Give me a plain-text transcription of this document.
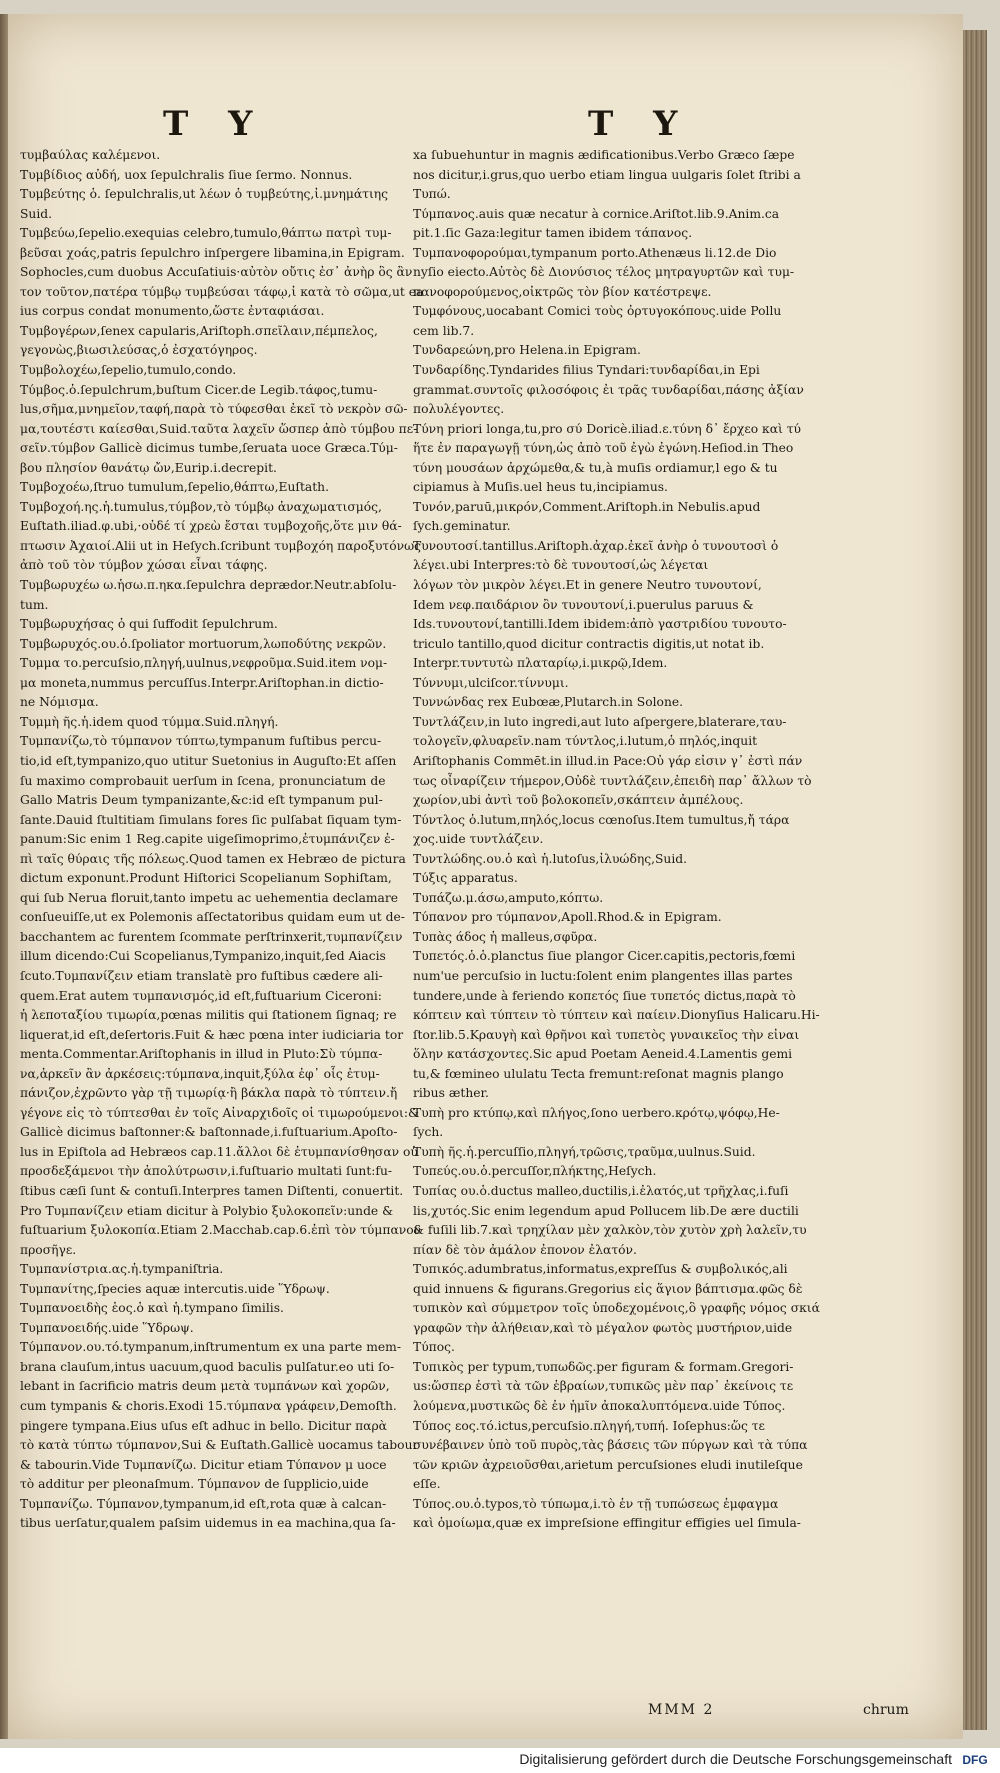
T Y	T Y
τυμβαύλας καλέμενοι.
Τυμβίδιος αὐδή, uox ſepulchralis ſiue ſermo. Nonnus.
Τυμβεύτης ὁ. ſepulchralis,ut λέων ὁ τυμβεύτης,ἰ.μνημάτιης
Suid.
Τυμβεύω,ſepelio.exequias celebro,tumulo,θάπτω πατρὶ τυμ-
βεῦσαι χοάς,patris ſepulchro inſpergere libamina,in Epigram.
Sophocles,cum duobus Accuſatiuis·αὐτὸν οὔτις ἐσ᾽ ἀνὴρ ὃς ἂν
τον τοῦτον,πατέρα τύμβῳ τυμβεύσαι τάφῳ,ἰ κατὰ τὸ σῶμα,ut ea
ius corpus condat monumento,ὥστε ἐνταφιάσαι.
Τυμβογέρων,ſenex capularis,Ariſtoph.σπεῖλαιν,πέμπελος,
γεγονὼς,βιωσιλεύσας,ὁ ἐσχατόγηρος.
Τυμβολοχέω,ſepelio,tumulo,condo.
Τύμβος.ὁ.ſepulchrum,buſtum Cicer.de Legib.τάφος,tumu-
lus,σῆμα,μνημεῖον,ταφή,παρὰ τὸ τύφεσθαι ἐκεῖ τὸ νεκρὸν σῶ-
μα,τουτέστι καίεσθαι,Suid.ταῦτα λαχεῖν ὥσπερ ἀπὸ τύμβου πε-
σεῖν.τύμβον Gallicè dicimus tumbe,ſeruata uoce Græca.Τύμ-
βου πλησίον θανάτῳ ὤν,Eurip.i.decrepit.
Τυμβοχοέω,ſtruo tumulum,ſepelio,θάπτω,Euſtath.
Τυμβοχοή.ης.ἡ.tumulus,τύμβον,τὸ τύμβῳ ἀναχωματισμός,
Euſtath.iliad.φ.ubi,·οὐδέ τί χρεὼ ἔσται τυμβοχοῆς,ὅτε μιν θά-
πτωσιν Ἀχαιοί.Alii ut in Heſych.ſcribunt τυμβοχόη παροξυτόνως
ἀπὸ τοῦ τὸν τύμβον χώσαι εἶναι τάφης.
Τυμβωρυχέω ω.ἡσω.π.ηκα.ſepulchra deprædor.Neutr.abſolu-
tum.
Τυμβωρυχήσας ὁ qui ſuffodit ſepulchrum.
Τυμβωρυχός.ου.ὁ.ſpoliator mortuorum,λωποδύτης νεκρῶν.
Τυμμα το.percuſsio,πληγή,uulnus,νεφροῦμα.Suid.item νομ-
μα moneta,nummus percuſſus.Interpr.Ariſtophan.in dictio-
ne Νόμισμα.
Τυμμὴ ῆς.ἡ.idem quod τύμμα.Suid.πληγή.
Τυμπανίζω,τὸ τύμπανον τύπτω,tympanum fuſtibus percu-
tio,id eſt,tympanizo,quo utitur Suetonius in Auguſto:Et aſſen
ſu maximo comprobauit uerſum in ſcena, pronunciatum de
Gallo Matris Deum tympanizante,&c:id eſt tympanum pul-
ſante.Dauid ſtultitiam ſimulans fores ſic pulſabat ſiquam tym-
panum:Sic enim 1 Reg.capite uigeſimoprimo,ἐτυμπάνιζεν ἐ-
πὶ ταῖς θύραις τῆς πόλεως.Quod tamen ex Hebræo de pictura
dictum exponunt.Produnt Hiſtorici Scopelianum Sophiſtam,
qui ſub Nerua floruit,tanto impetu ac uehementia declamare
conſueuiſſe,ut ex Polemonis aſſectatoribus quidam eum ut de-
bacchantem ac furentem ſcommate perſtrinxerit,τυμπανίζειν
illum dicendo:Cui Scopelianus,Tympanizo,inquit,ſed Aiacis
ſcuto.Τυμπανίζειν etiam translatè pro fuſtibus cædere ali-
quem.Erat autem τυμπανισμός,id eſt,fuſtuarium Ciceroni:
ἡ λεποταξίου τιμωρία,pœnas militis qui ſtationem ſignaq; re
liquerat,id eſt,deſertoris.Fuit & hæc pœna inter iudiciaria tor
menta.Commentar.Ariſtophanis in illud in Pluto:Σὺ τύμπα-
να,ἀρκεῖν ἂν ἀρκέσεις:τύμπανα,inquit,ξύλα ἐφ᾽ οἷς ἐτυμ-
πάνιζον,ἐχρῶντο γὰρ τῇ τιμωρίᾳ·ἢ βάκλα παρὰ τὸ τύπτειν.ἤ
γέγονε εἰς τὸ τύπτεσθαι ἐν τοῖς Αἰναρχιδοῖς οἱ τιμωρούμενοι:&
Gallicè dicimus baſtonner:& baſtonnade,i.fuſtuarium.Apoſto-
lus in Epiſtola ad Hebræos cap.11.ἄλλοι δὲ ἐτυμπανίσθησαν οὐ
προσδεξάμενοι τὴν ἀπολύτρωσιν,i.fuſtuario multati ſunt:fu-
ſtibus cæſi ſunt & contuſi.Interpres tamen Diſtenti, conuertit.
Pro Τυμπανίζειν etiam dicitur à Polybio ξυλοκοπεῖν:unde &
fuſtuarium ξυλοκοπία.Etiam 2.Macchab.cap.6.ἐπὶ τὸν τύμπανον
προσῆγε.
Τυμπανίστρια.ας.ἡ.tympaniſtria.
Τυμπανίτης,ſpecies aquæ intercutis.uide Ὕδρωψ.
Τυμπανοειδὴς ἑος.ὁ καὶ ἡ.tympano ſimilis.
Τυμπανοειδής.uide Ὕδρωψ.
Τύμπανον.ου.τό.tympanum,inſtrumentum ex una parte mem-
brana clauſum,intus uacuum,quod baculis pulſatur.eo uti ſo-
lebant in ſacrificio matris deum μετὰ τυμπάνων καὶ χορῶν,
cum tympanis & choris.Exodi 15.τύμπανα γράφειν,Demoſth.
pingere tympana.Eius uſus eſt adhuc in bello. Dicitur παρὰ
τὸ κατὰ τύπτω τύμπανον,Sui & Euſtath.Gallicè uocamus tabour
& tabourin.Vide Τυμπανίζω. Dicitur etiam Τύπανον μ uoce
τὸ additur per pleonaſmum. Τύμπανον de ſupplicio,uide
Τυμπανίζω. Τύμπανον,tympanum,id eſt,rota quæ à calcan-
tibus uerſatur,qualem paſsim uidemus in ea machina,qua ſa-
xa ſubuehuntur in magnis ædificationibus.Verbo Græco ſæpe
nos dicitur,i.grus,quo uerbo etiam lingua uulgaris ſolet ſtribi a
Τυπώ.
Τύμπανος.auis quæ necatur à cornice.Ariſtot.lib.9.Anim.ca
pit.1.ſic Gaza:legitur tamen ibidem τάπανος.
Τυμπανοφορούμαι,tympanum porto.Athenæus li.12.de Dio
nyſio eiecto.Αὐτὸς δὲ Διονύσιος τέλος μητραγυρτῶν καὶ τυμ-
πανοφορούμενος,οἰκτρῶς τὸν βίον κατέστρεψε.
Τυμφόνους,uocabant Comici τοὺς ὀρτυγοκόπους.uide Pollu
cem lib.7.
Τυνδαρεώνη,pro Helena.in Epigram.
Τυνδαρίδης.Tyndarides filius Tyndari:τυνδαρίδαι,in Epi
grammat.συντοῖς φιλοσόφοις ἐι τρᾶς τυνδαρίδαι,πάσης ἀξίαν
πολυλέγοντες.
Τύνη priori longa,tu,pro σύ Doricè.iliad.ε.τύνη δ᾽ ἔρχεο καὶ τύ
ἥτε ἐν παραγωγῇ τύνη,ὡς ἀπὸ τοῦ ἐγὼ ἐγώνη.Heſiod.in Theo
τύνη μουσάων ἀρχώμεθα,& tu,à muſis ordiamur,l ego & tu
cipiamus à Muſis.uel heus tu,incipiamus.
Τυνόν,paruū,μικρόν,Comment.Ariſtoph.in Nebulis.apud
ſych.geminatur.
Τυνουτοσί.tantillus.Ariſtoph.ἀχαρ.ἐκεῖ ἀνὴρ ὁ τυνουτοσὶ ὁ
λέγει.ubi Interpres:τὸ δὲ τυνουτοσί,ὡς λέγεται
λόγων τὸν μικρὸν λέγει.Et in genere Neutro τυνουτονί,
Idem νεφ.παιδάριον ὂν τυνουτονί,i.puerulus paruus &
Ids.τυνουτονί,tantilli.Idem ibidem:ἀπὸ γαστριδίου τυνουτο-
triculo tantillo,quod dicitur contractis digitis,ut notat ib.
Interpr.τυντυτὼ πλαταρίῳ,i.μικρῷ,Idem.
Τύννυμι,ulciſcor.τίννυμι.
Τυννώνδας rex Eubœæ,Plutarch.in Solone.
Τυντλάζειν,in luto ingredi,aut luto aſpergere,blaterare,ταυ-
τολογεῖν,φλυαρεῖν.nam τύντλος,i.lutum,ὁ πηλός,inquit
Ariſtophanis Commēt.in illud.in Pace:Οὐ γάρ εἰσιν γ᾽ ἐστὶ πάν
τως οἶναρίζειν τήμερον,Οὐδὲ τυντλάζειν,ἐπειδὴ παρ᾽ ἄλλων τὸ
χωρίον,ubi ἀντὶ τοῦ βολοκοπεῖν,σκάπτειν ἀμπέλους.
Τύντλος ὁ.lutum,πηλός,locus cœnoſus.Item tumultus,ἤ τάρα
χος.uide τυντλάζειν.
Τυντλώδης.ου.ὁ καὶ ἡ.lutoſus,ἰλυώδης,Suid.
Τύξις apparatus.
Τυπάζω.μ.άσω,amputo,κόπτω.
Τύπανον pro τύμπανον,Apoll.Rhod.& in Epigram.
Τυπὰς άδος ἡ malleus,σφῦρα.
Τυπετός.ὁ.ὁ.planctus ſiue plangor Cicer.capitis,pectoris,fœmi
num'ue percuſsio in luctu:ſolent enim plangentes illas partes
tundere,unde à feriendo κοπετός ſiue τυπετός dictus,παρὰ τὸ
κόπτειν καὶ τύπτειν τὸ τύπτειν καὶ παίειν.Dionyſius Halicaru.Hi-
ſtor.lib.5.Κραυγὴ καὶ θρῆνοι καὶ τυπετὸς γυναικεῖος τὴν εἰναι
ὅλην κατάσχοντες.Sic apud Poetam Aeneid.4.Lamentis gemi
tu,& fœmineo ululatu Tecta fremunt:reſonat magnis plango
ribus æther.
Τυπὴ pro κτύπῳ,καὶ πλήγος,ſono uerbero.κρότῳ,ψόφῳ,He-
ſych.
Τυπὴ ῆς.ἡ.percuſſio,πληγή,τρῶσις,τραῦμα,uulnus.Suid.
Τυπεύς.ου.ὁ.percuſſor,πλήκτης,Heſych.
Τυπίας ου.ὁ.ductus malleo,ductilis,i.ἐλατός,ut τρῆχλας,i.fuſi
lis,χυτός.Sic enim legendum apud Pollucem lib.De ære ductili
& fuſili lib.7.καὶ τρηχίλαν μὲν χαλκὸν,τὸν χυτὸν χρὴ λαλεῖν,τυ
πίαν δὲ τὸν ἀμάλον ἐπονον ἐλατόν.
Τυπικός.adumbratus,informatus,expreſſus & συμβολικός,ali
quid innuens & figurans.Gregorius εἰς ἅγιον βάπτισμα.φῶς δὲ
τυπικὸν καὶ σύμμετρον τοῖς ὑποδεχομένοις,ὃ γραφῆς νόμος σκιά
γραφῶν τὴν ἀλήθειαν,καὶ τὸ μέγαλον φωτὸς μυστήριον,uide
Τύπος.
Τυπικὸς per typum,τυπωδῶς.per figuram & formam.Gregori-
us:ὥσπερ ἐστὶ τὰ τῶν ἑβραίων,τυπικῶς μὲν παρ᾽ ἐκείνοις τε
λούμενα,μυστικῶς δὲ ἐν ἡμῖν ἀποκαλυπτόμενα.uide Τύπος.
Τύπος εος.τό.ictus,percuſsio.πληγή,τυπή. Ioſephus:ὥς τε
συνέβαινεν ὑπὸ τοῦ πυρὸς,τὰς βάσεις τῶν πύργων καὶ τὰ τύπα
τῶν κριῶν ἀχρειοῦσθαι,arietum percuſsiones eludi inutileſque
eſſe.
Τύπος.ου.ὁ.typos,τὸ τύπωμα,i.τὸ ἐν τῇ τυπώσεως ἐμφαγμα
καὶ ὁμοίωμα,quæ ex impreſsione effingitur effigies uel ſimula-
MMM 2	chrum
Digitalisierung gefördert durch die Deutsche Forschungsgemeinschaft DFG
